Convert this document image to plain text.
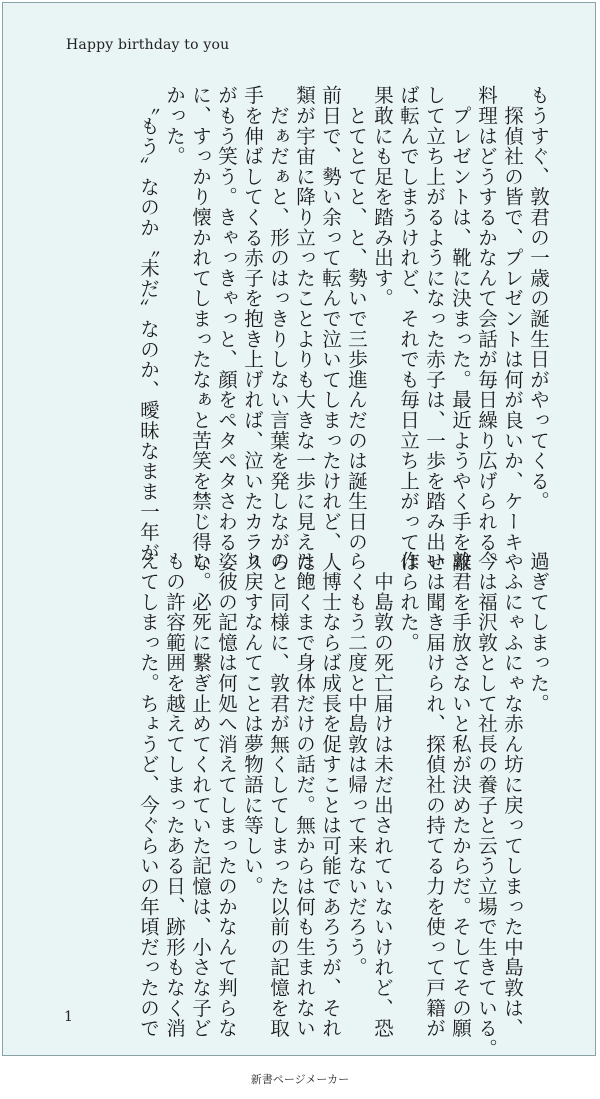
Happy birthday to you
もうすぐ、敦君の一歳の誕生日がやってくる。
　探偵社の皆で、プレゼントは何が良いか、ケーキや
料理はどうするかなんて会話が毎日繰り広げられる。
　プレゼントは、靴に決まった。最近ようやく手を離
して立ち上がるようになった赤子は、一歩を踏み出せ
ば転んでしまうけれど、それでも毎日立ち上がっては
果敢にも足を踏み出す。
　とてとてと、と、勢いで三歩進んだのは誕生日の
前日で、勢い余って転んで泣いてしまったけれど、人
類が宇宙に降り立ったことよりも大きな一歩に見えた。
　だぁだぁと、形のはっきりしない言葉を発しながら
手を伸ばしてくる赤子を抱き上げれば、泣いたカラス
がもう笑う。きゃっきゃっと、顔をペタペタさわる姿
に、すっかり懐かれてしまったなぁと苦笑を禁じ得な
かった。
　〝もう〟なのか〝未だ〟なのか、曖昧なまま一年が
過ぎてしまった。
　ふにゃふにゃな赤ん坊に戻ってしまった中島敦は、
今は福沢敦として社長の養子と云う立場で生きている。
敦君を手放さないと私が決めたからだ。そしてその願
いは聞き届けられ、探偵社の持てる力を使って戸籍が
作られた。
　中島敦の死亡届けは未だ出されていないけれど、恐
らくもう二度と中島敦は帰って来ないだろう。
　博士ならば成長を促すことは可能であろうが、それ
は飽くまで身体だけの話だ。無からは何も生まれない
のと同様に、敦君が無くしてしまった以前の記憶を取
り戻すなんてことは夢物語に等しい。
　彼の記憶は何処へ消えてしまったのかなんて判らな
い。必死に繋ぎ止めてくれていた記憶は、小さな子ど
もの許容範囲を越えてしまったある日、跡形もなく消
えてしまった。ちょうど、今ぐらいの年頃だったので
1
新書ページメーカー
